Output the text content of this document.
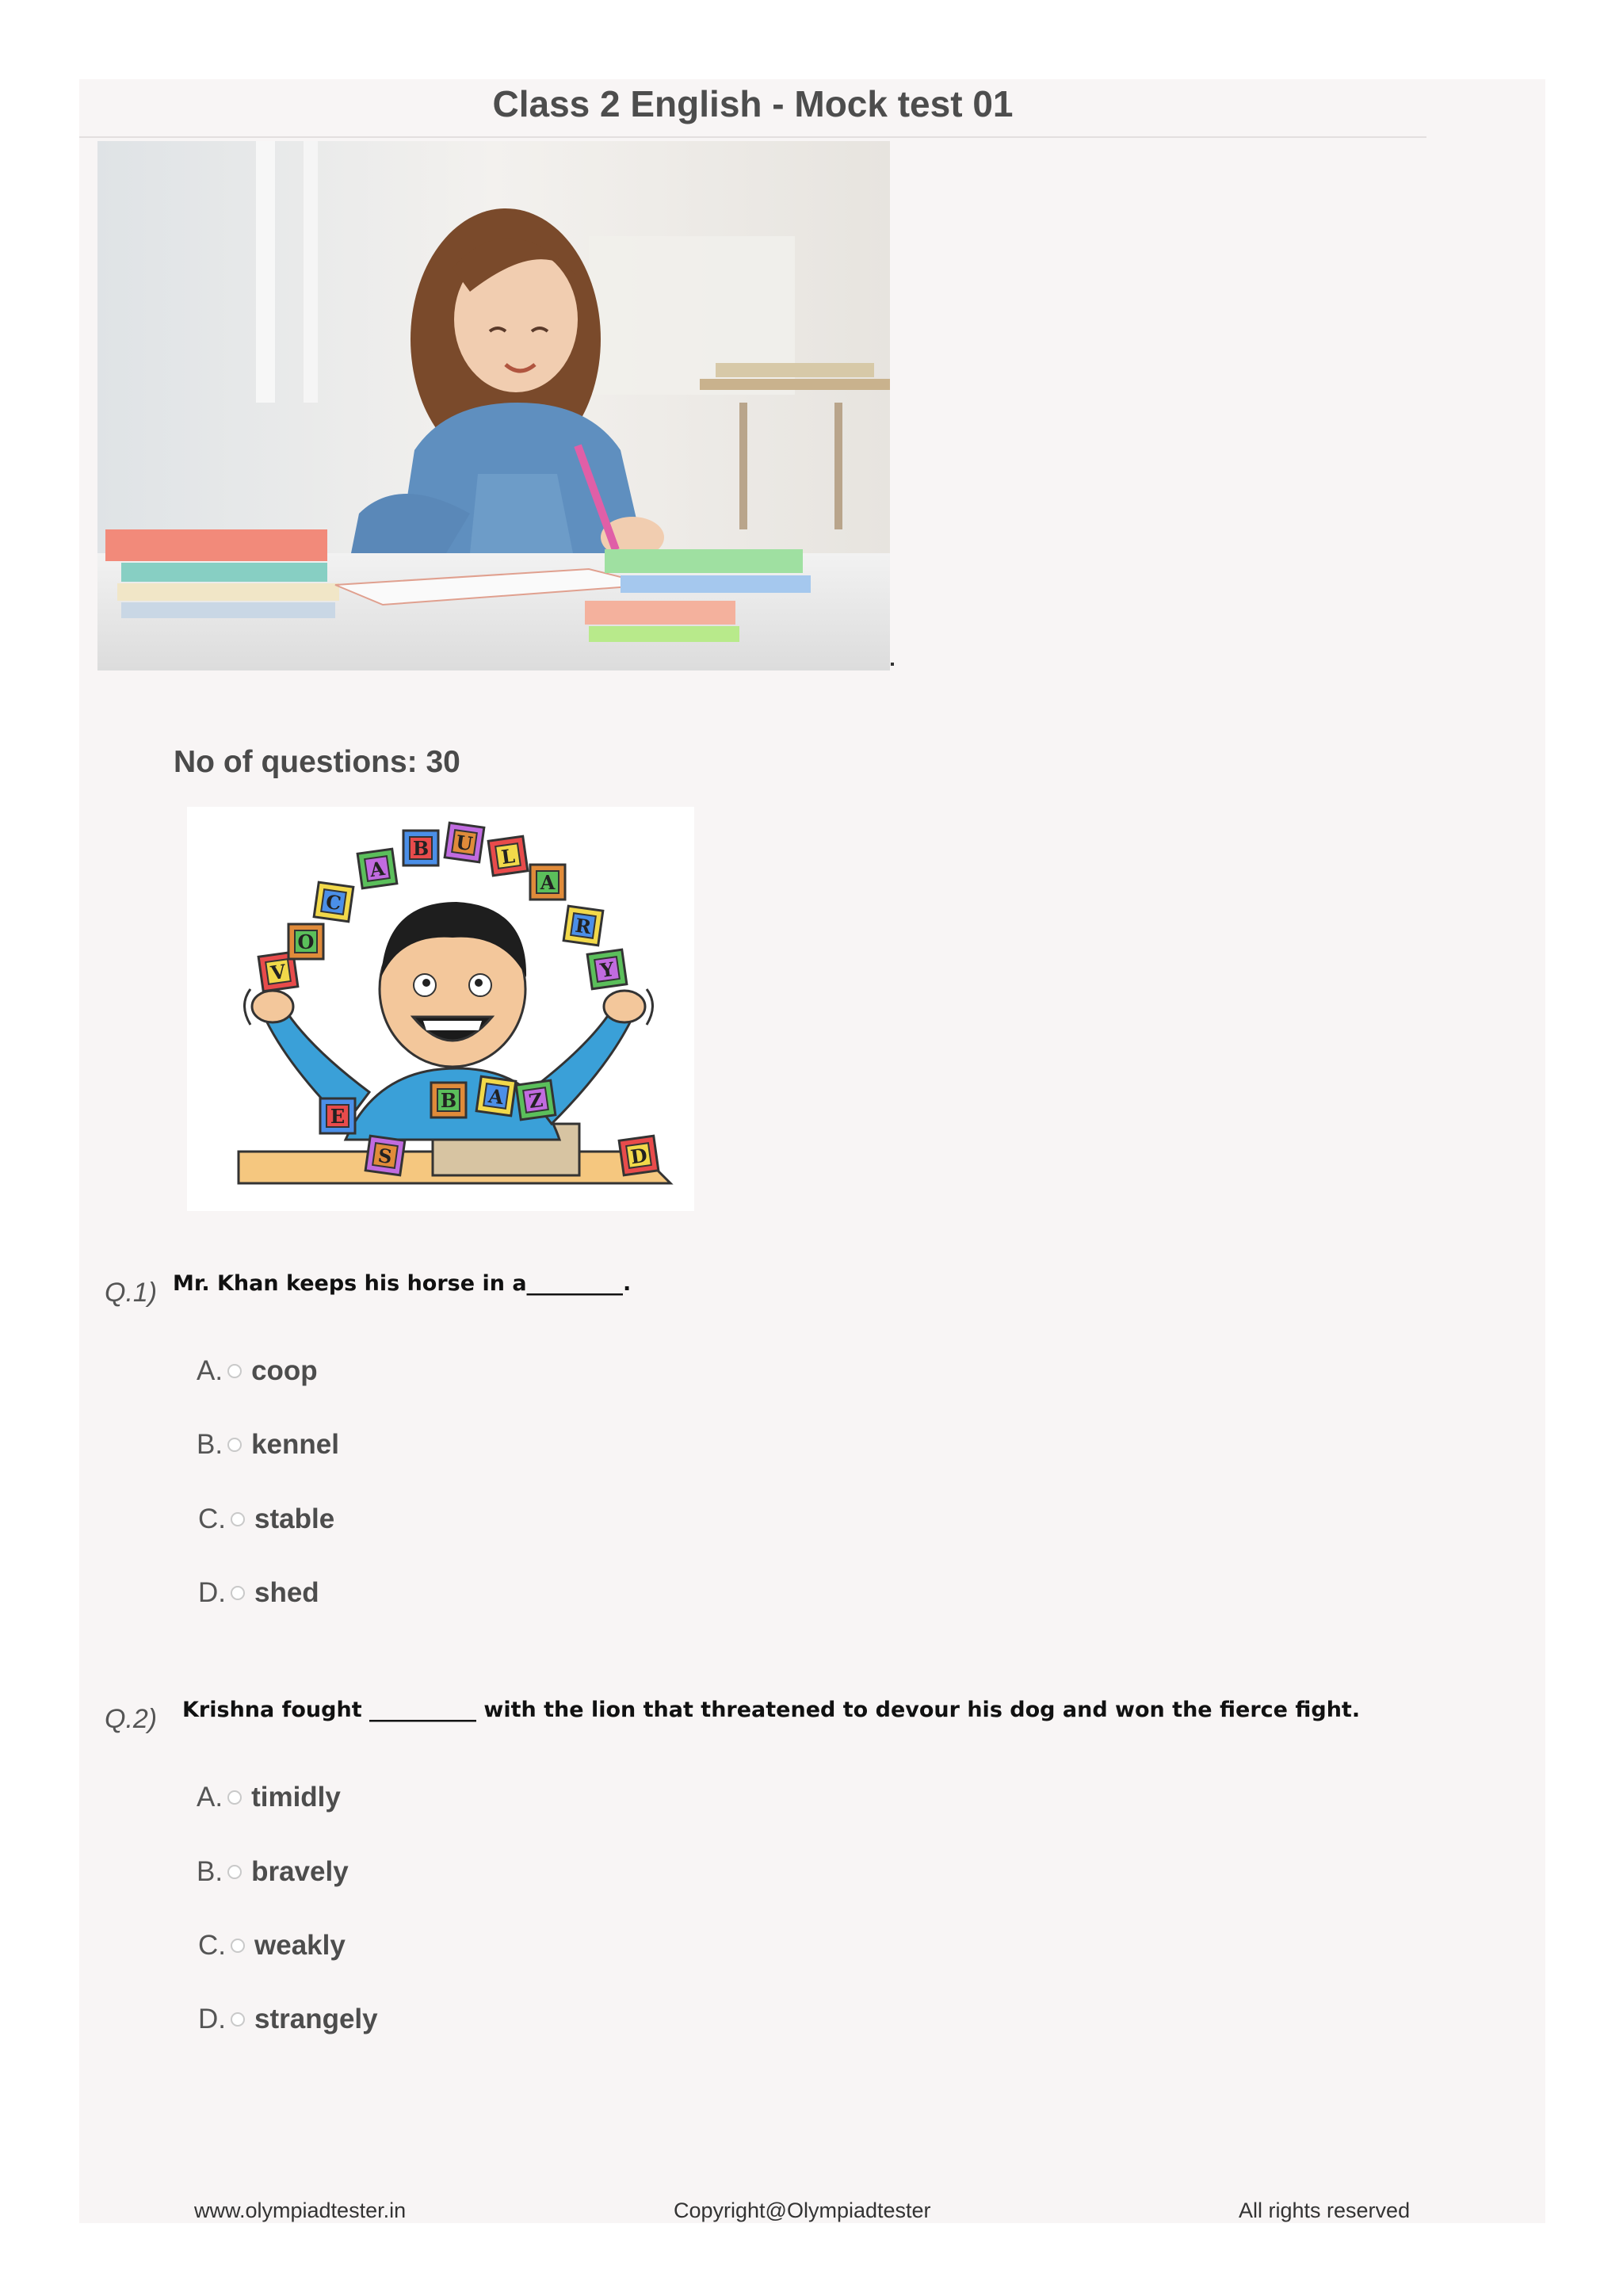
Class 2 English - Mock test 01
No of questions: 30
V
O
C
A
B U
L
A
R
Y
E
S	D
B A Z
Q.1) Mr. Khan keeps his horse in a_________.
A. coop
B. kennel
C. stable
D. shed
Q.2) Krishna fought __________ with the lion that threatened to devour his dog and won the fierce fight.
A. timidly
B. bravely
C. weakly
D. strangely
www.olympiadtester.in	Copyright@Olympiadtester	All rights reserved
